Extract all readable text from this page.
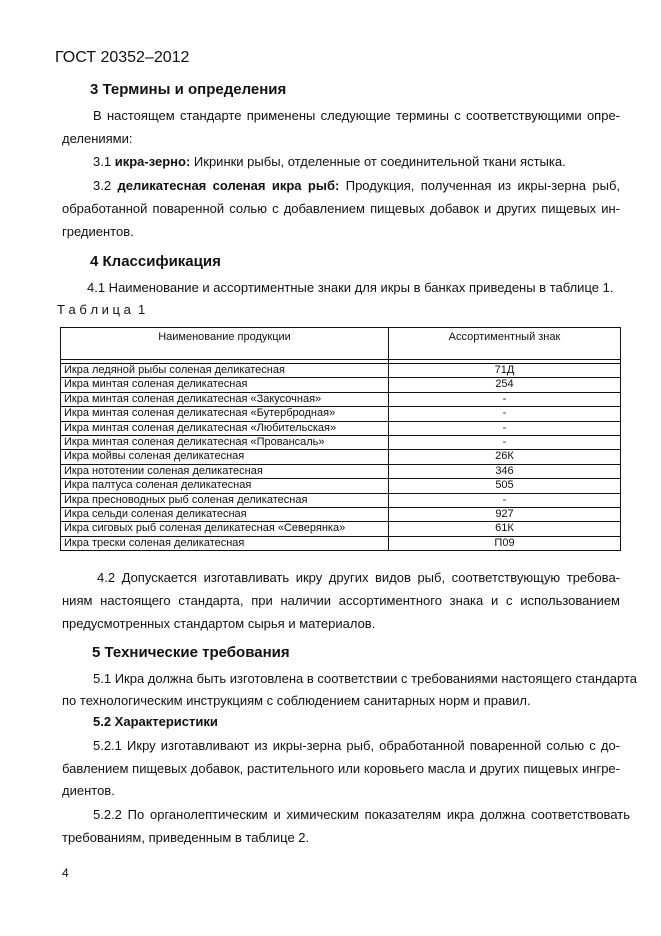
ГОСТ 20352–2012
3 Термины и определения
В настоящем стандарте применены следующие термины с соответствующими опре-
делениями:
3.1 икра-зерно: Икринки рыбы, отделенные от соединительной ткани ястыка.
3.2 деликатесная соленая икра рыб: Продукция, полученная из икры-зерна рыб,
обработанной поваренной солью с добавлением пищевых добавок и других пищевых ин-
гредиентов.
4 Классификация
4.1 Наименование и ассортиментные знаки для икры в банках приведены в таблице 1.
Т а б л и ц а  1
Наименование продукции	Ассортиментный знак

Икра ледяной рыбы соленая деликатесная	71Д
Икра минтая соленая деликатесная	254
Икра минтая соленая деликатесная «Закусочная»	-
Икра минтая соленая деликатесная «Бутербродная»	-
Икра минтая соленая деликатесная «Любительская»	-
Икра минтая соленая деликатесная «Провансаль»	-
Икра мойвы соленая деликатесная	26К
Икра нототении соленая деликатесная	346
Икра палтуса соленая деликатесная	505
Икра пресноводных рыб соленая деликатесная	-
Икра сельди соленая деликатесная	927
Икра сиговых рыб соленая деликатесная «Северянка»	61К
Икра трески соленая деликатесная	П09
4.2 Допускается изготавливать икру других видов рыб, соответствующую требова-
ниям настоящего стандарта, при наличии ассортиментного знака и с использованием
предусмотренных стандартом сырья и материалов.
5 Технические требования
5.1 Икра должна быть изготовлена в соответствии с требованиями настоящего стандарта
по технологическим инструкциям с соблюдением санитарных норм и правил.
5.2 Характеристики
5.2.1 Икру изготавливают из икры-зерна рыб, обработанной поваренной солью с до-
бавлением пищевых добавок, растительного или коровьего масла и других пищевых ингре-
диентов.
5.2.2 По органолептическим и химическим показателям икра должна соответствовать
требованиям, приведенным в таблице 2.
4
